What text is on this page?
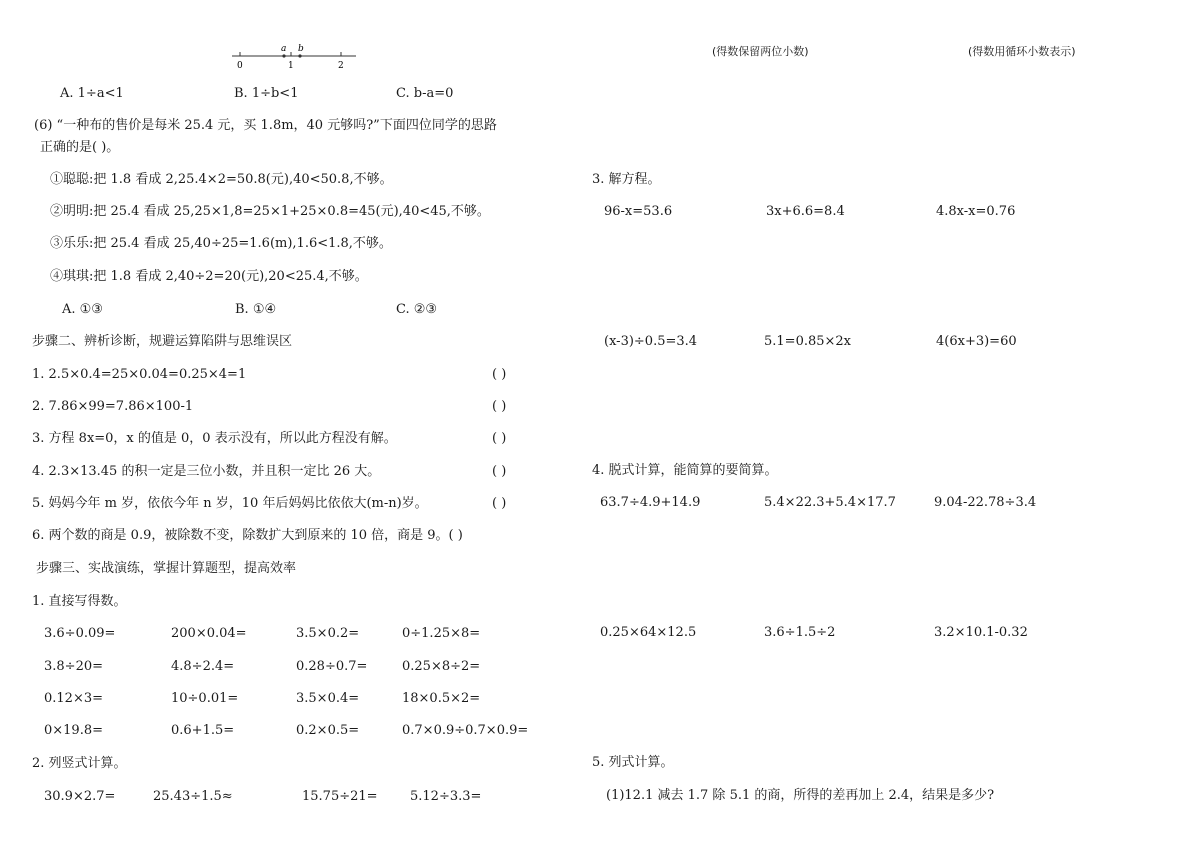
a b
0	1	2
(得数保留两位小数)	(得数用循环小数表示)
A. 1÷a<1	B. 1÷b<1	C. b-a=0
(6) “一种布的售价是每米 25.4 元，买 1.8m，40 元够吗?”下面四位同学的思路
正确的是( )。
①聪聪:把 1.8 看成 2,25.4×2=50.8(元),40<50.8,不够。
②明明:把 25.4 看成 25,25×1,8=25×1+25×0.8=45(元),40<45,不够。
③乐乐:把 25.4 看成 25,40÷25=1.6(m),1.6<1.8,不够。
④琪琪:把 1.8 看成 2,40÷2=20(元),20<25.4,不够。
A. ①③	B. ①④	C. ②③
步骤二、辨析诊断，规避运算陷阱与思维误区
1. 2.5×0.4=25×0.04=0.25×4=1	( )
2. 7.86×99=7.86×100-1	( )
3. 方程 8x=0，x 的值是 0，0 表示没有，所以此方程没有解。	( )
4. 2.3×13.45 的积一定是三位小数，并且积一定比 26 大。	( )
5. 妈妈今年 m 岁，依依今年 n 岁，10 年后妈妈比依依大(m-n)岁。	( )
6. 两个数的商是 0.9，被除数不变，除数扩大到原来的 10 倍，商是 9。( )
步骤三、实战演练，掌握计算题型，提高效率
1. 直接写得数。
3.6÷0.09=	200×0.04=	3.5×0.2=	0÷1.25×8=
3.8÷20=	4.8÷2.4=	0.28÷0.7=	0.25×8÷2=
0.12×3=	10÷0.01=	3.5×0.4=	18×0.5×2=
0×19.8=	0.6+1.5=	0.2×0.5=	0.7×0.9÷0.7×0.9=
2. 列竖式计算。
30.9×2.7=	25.43÷1.5≈	15.75÷21= 5.12÷3.3=
3. 解方程。
96-x=53.6	3x+6.6=8.4	4.8x-x=0.76
(x-3)÷0.5=3.4	5.1=0.85×2x	4(6x+3)=60
4. 脱式计算，能简算的要简算。
63.7÷4.9+14.9	5.4×22.3+5.4×17.7	9.04-22.78÷3.4
0.25×64×12.5	3.6÷1.5÷2	3.2×10.1-0.32
5. 列式计算。
(1)12.1 减去 1.7 除 5.1 的商，所得的差再加上 2.4，结果是多少?
